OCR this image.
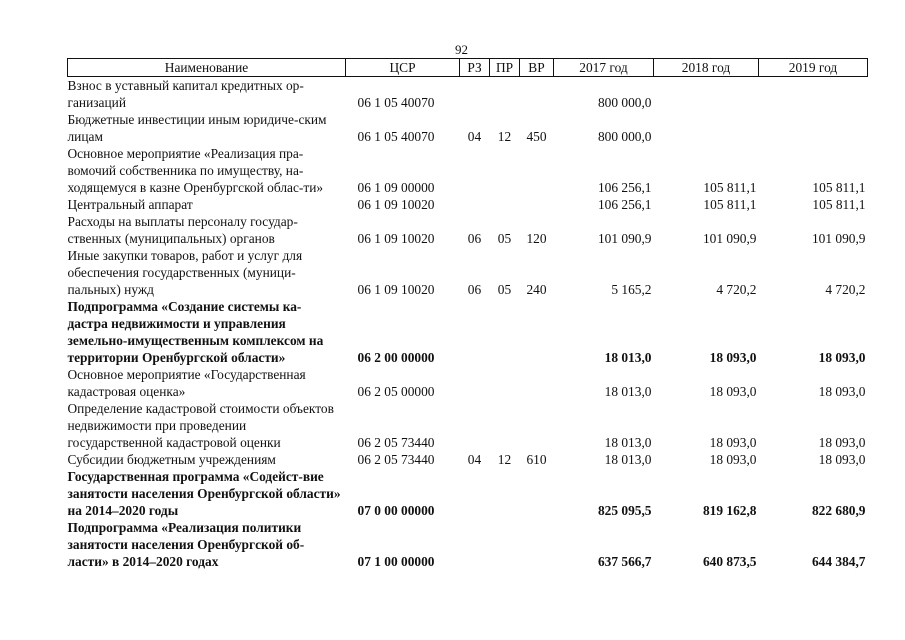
92
Наименование	ЦСР	РЗ	ПР	ВР	2017 год	2018 год	2019 год
Взнос в уставный капитал кредитных ор-ганизаций	06 1 05 40070				800 000,0		
Бюджетные инвестиции иным юридиче-ским лицам	06 1 05 40070	04	12	450	800 000,0		
Основное мероприятие «Реализация пра-вомочий собственника по имуществу, на-ходящемуся в казне Оренбургской облас-ти»	06 1 09 00000				106 256,1	105 811,1	105 811,1
Центральный аппарат	06 1 09 10020				106 256,1	105 811,1	105 811,1
Расходы на выплаты персоналу государ-ственных (муниципальных) органов	06 1 09 10020	06	05	120	101 090,9	101 090,9	101 090,9
Иные закупки товаров, работ и услуг для обеспечения государственных (муници-пальных) нужд	06 1 09 10020	06	05	240	5 165,2	4 720,2	4 720,2
Подпрограмма «Создание системы ка-дастра недвижимости и управления земельно-имущественным комплексом на территории Оренбургской области»	06 2 00 00000				18 013,0	18 093,0	18 093,0
Основное мероприятие «Государственная кадастровая оценка»	06 2 05 00000				18 013,0	18 093,0	18 093,0
Определение кадастровой стоимости объектов недвижимости при проведении государственной кадастровой оценки	06 2 05 73440				18 013,0	18 093,0	18 093,0
Субсидии бюджетным учреждениям	06 2 05 73440	04	12	610	18 013,0	18 093,0	18 093,0
Государственная программа «Содейст-вие занятости населения Оренбургской области» на 2014–2020 годы	07 0 00 00000				825 095,5	819 162,8	822 680,9
Подпрограмма «Реализация политики занятости населения Оренбургской об-ласти» в 2014–2020 годах	07 1 00 00000				637 566,7	640 873,5	644 384,7
